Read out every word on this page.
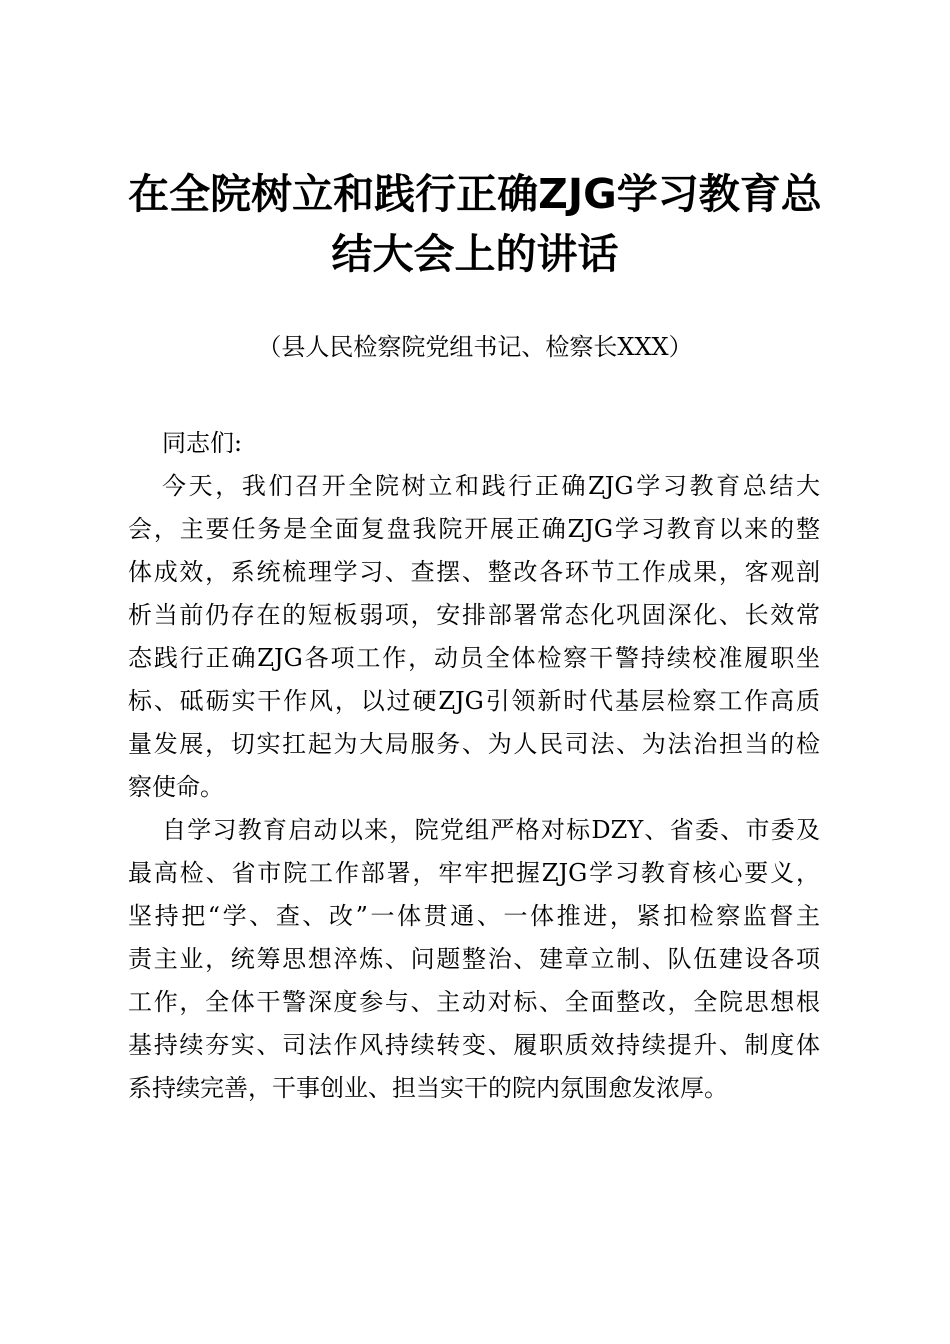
在全院树立和践行正确ZJG学习教育总
结大会上的讲话

（县人民检察院党组书记、检察长XXX）

同志们:
今天，我们召开全院树立和践行正确ZJG学习教育总结大
会，主要任务是全面复盘我院开展正确ZJG学习教育以来的整
体成效，系统梳理学习、查摆、整改各环节工作成果，客观剖
析当前仍存在的短板弱项，安排部署常态化巩固深化、长效常
态践行正确ZJG各项工作，动员全体检察干警持续校准履职坐
标、砥砺实干作风，以过硬ZJG引领新时代基层检察工作高质
量发展，切实扛起为大局服务、为人民司法、为法治担当的检
察使命。
自学习教育启动以来，院党组严格对标DZY、省委、市委及
最高检、省市院工作部署，牢牢把握ZJG学习教育核心要义，
坚持把“学、查、改”一体贯通、一体推进，紧扣检察监督主
责主业，统筹思想淬炼、问题整治、建章立制、队伍建设各项
工作，全体干警深度参与、主动对标、全面整改，全院思想根
基持续夯实、司法作风持续转变、履职质效持续提升、制度体
系持续完善，干事创业、担当实干的院内氛围愈发浓厚。
